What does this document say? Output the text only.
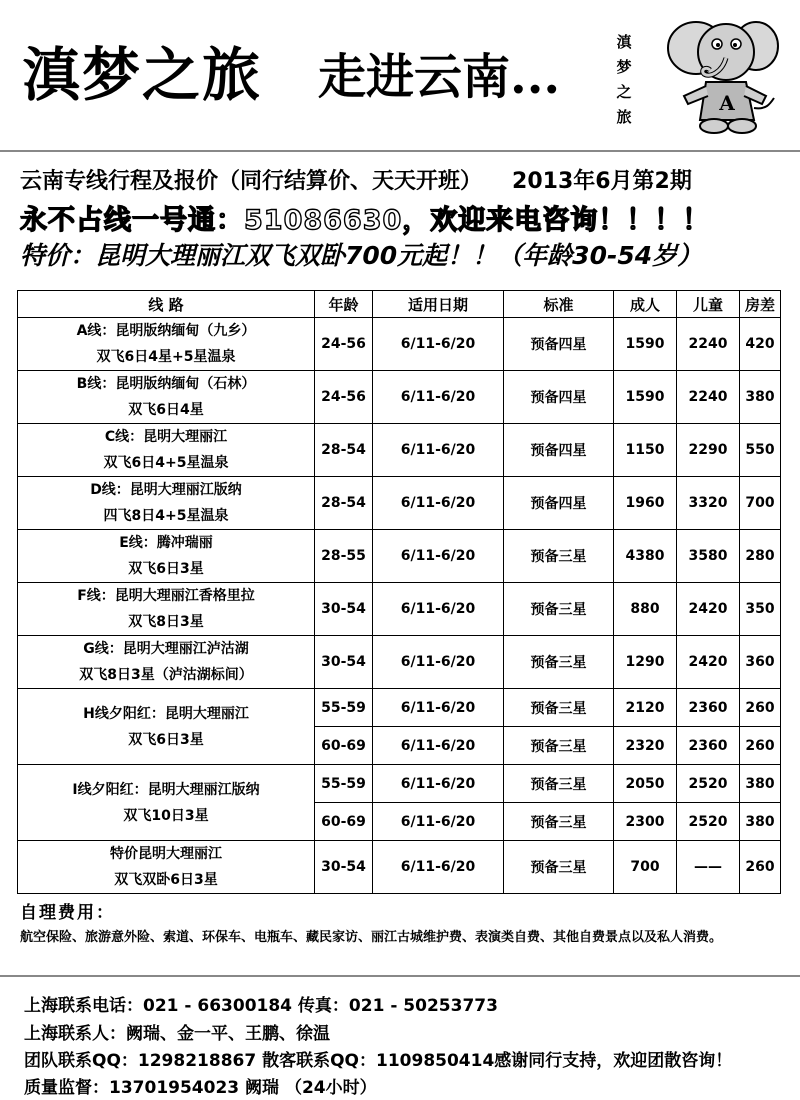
滇梦之旅 走进云南...
滇
梦
之
旅
A
云南专线行程及报价（同行结算价、天天开班） 2013年6月第2期
永不占线一号通：51086630，欢迎来电咨询！！！！
特价：昆明大理丽江双飞双卧700元起！！（年龄30-54岁）
线 路	年龄	适用日期	标准	成人	儿童	房差

A线：昆明版纳缅甸（九乡）
双飞6日4星+5星温泉	24-56	6/11-6/20	预备四星	1590	2240	420

B线：昆明版纳缅甸（石林）
双飞6日4星	24-56	6/11-6/20	预备四星	1590	2240	380

C线：昆明大理丽江
双飞6日4+5星温泉	28-54	6/11-6/20	预备四星	1150	2290	550

D线：昆明大理丽江版纳
四飞8日4+5星温泉	28-54	6/11-6/20	预备四星	1960	3320	700

E线：腾冲瑞丽
双飞6日3星	28-55	6/11-6/20	预备三星	4380	3580	280

F线：昆明大理丽江香格里拉
双飞8日3星	30-54	6/11-6/20	预备三星	880	2420	350

G线：昆明大理丽江泸沽湖
双飞8日3星（泸沽湖标间）	30-54	6/11-6/20	预备三星	1290	2420	360

H线夕阳红：昆明大理丽江
双飞6日3星	55-59	6/11-6/20	预备三星	2120	2360	260
	60-69	6/11-6/20	预备三星	2320	2360	260

I线夕阳红：昆明大理丽江版纳
双飞10日3星	55-59	6/11-6/20	预备三星	2050	2520	380
	60-69	6/11-6/20	预备三星	2300	2520	380

特价昆明大理丽江
双飞双卧6日3星	30-54	6/11-6/20	预备三星	700	——	260
自理费用：
航空保险、旅游意外险、索道、环保车、电瓶车、藏民家访、丽江古城维护费、表演类自费、其他自费景点以及私人消费。
上海联系电话：021 - 66300184 传真：021 - 50253773
上海联系人：阙瑞、金一平、王鹏、徐温
团队联系QQ：1298218867 散客联系QQ：1109850414感谢同行支持，欢迎团散咨询！
质量监督：13701954023 阙瑞 （24小时）
